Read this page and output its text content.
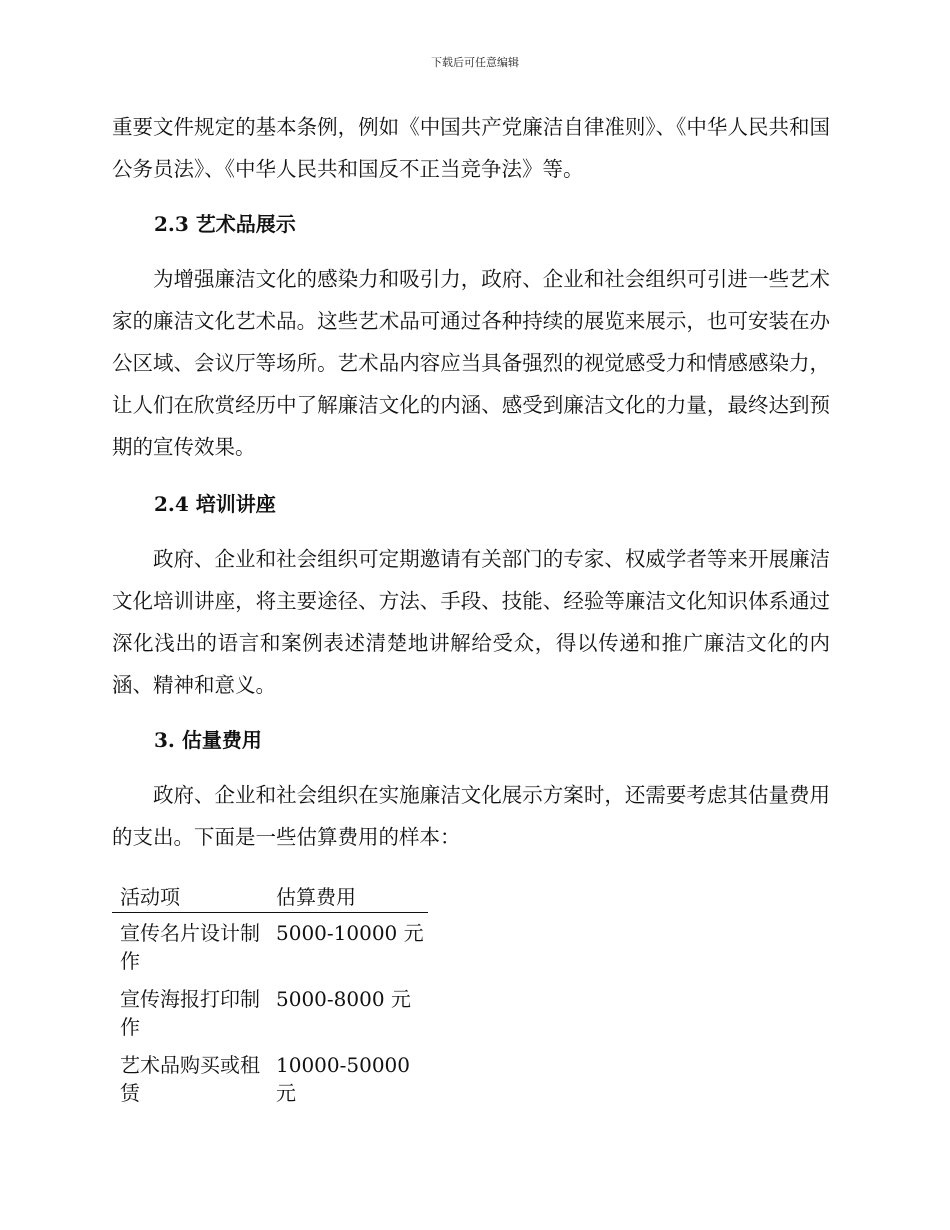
下载后可任意编辑

重要文件规定的基本条例，例如《中国共产党廉洁自律准则》、《中华人民共和国公务员法》、《中华人民共和国反不正当竞争法》等。

2.3 艺术品展示

为增强廉洁文化的感染力和吸引力，政府、企业和社会组织可引进一些艺术家的廉洁文化艺术品。这些艺术品可通过各种持续的展览来展示，也可安装在办公区域、会议厅等场所。艺术品内容应当具备强烈的视觉感受力和情感感染力，让人们在欣赏经历中了解廉洁文化的内涵、感受到廉洁文化的力量，最终达到预期的宣传效果。

2.4 培训讲座

政府、企业和社会组织可定期邀请有关部门的专家、权威学者等来开展廉洁文化培训讲座，将主要途径、方法、手段、技能、经验等廉洁文化知识体系通过深化浅出的语言和案例表述清楚地讲解给受众，得以传递和推广廉洁文化的内涵、精神和意义。

3. 估量费用

政府、企业和社会组织在实施廉洁文化展示方案时，还需要考虑其估量费用的支出。下面是一些估算费用的样本：

活动项	估算费用
宣传名片设计制作	5000-10000 元
宣传海报打印制作	5000-8000 元
艺术品购买或租赁	10000-50000 元
